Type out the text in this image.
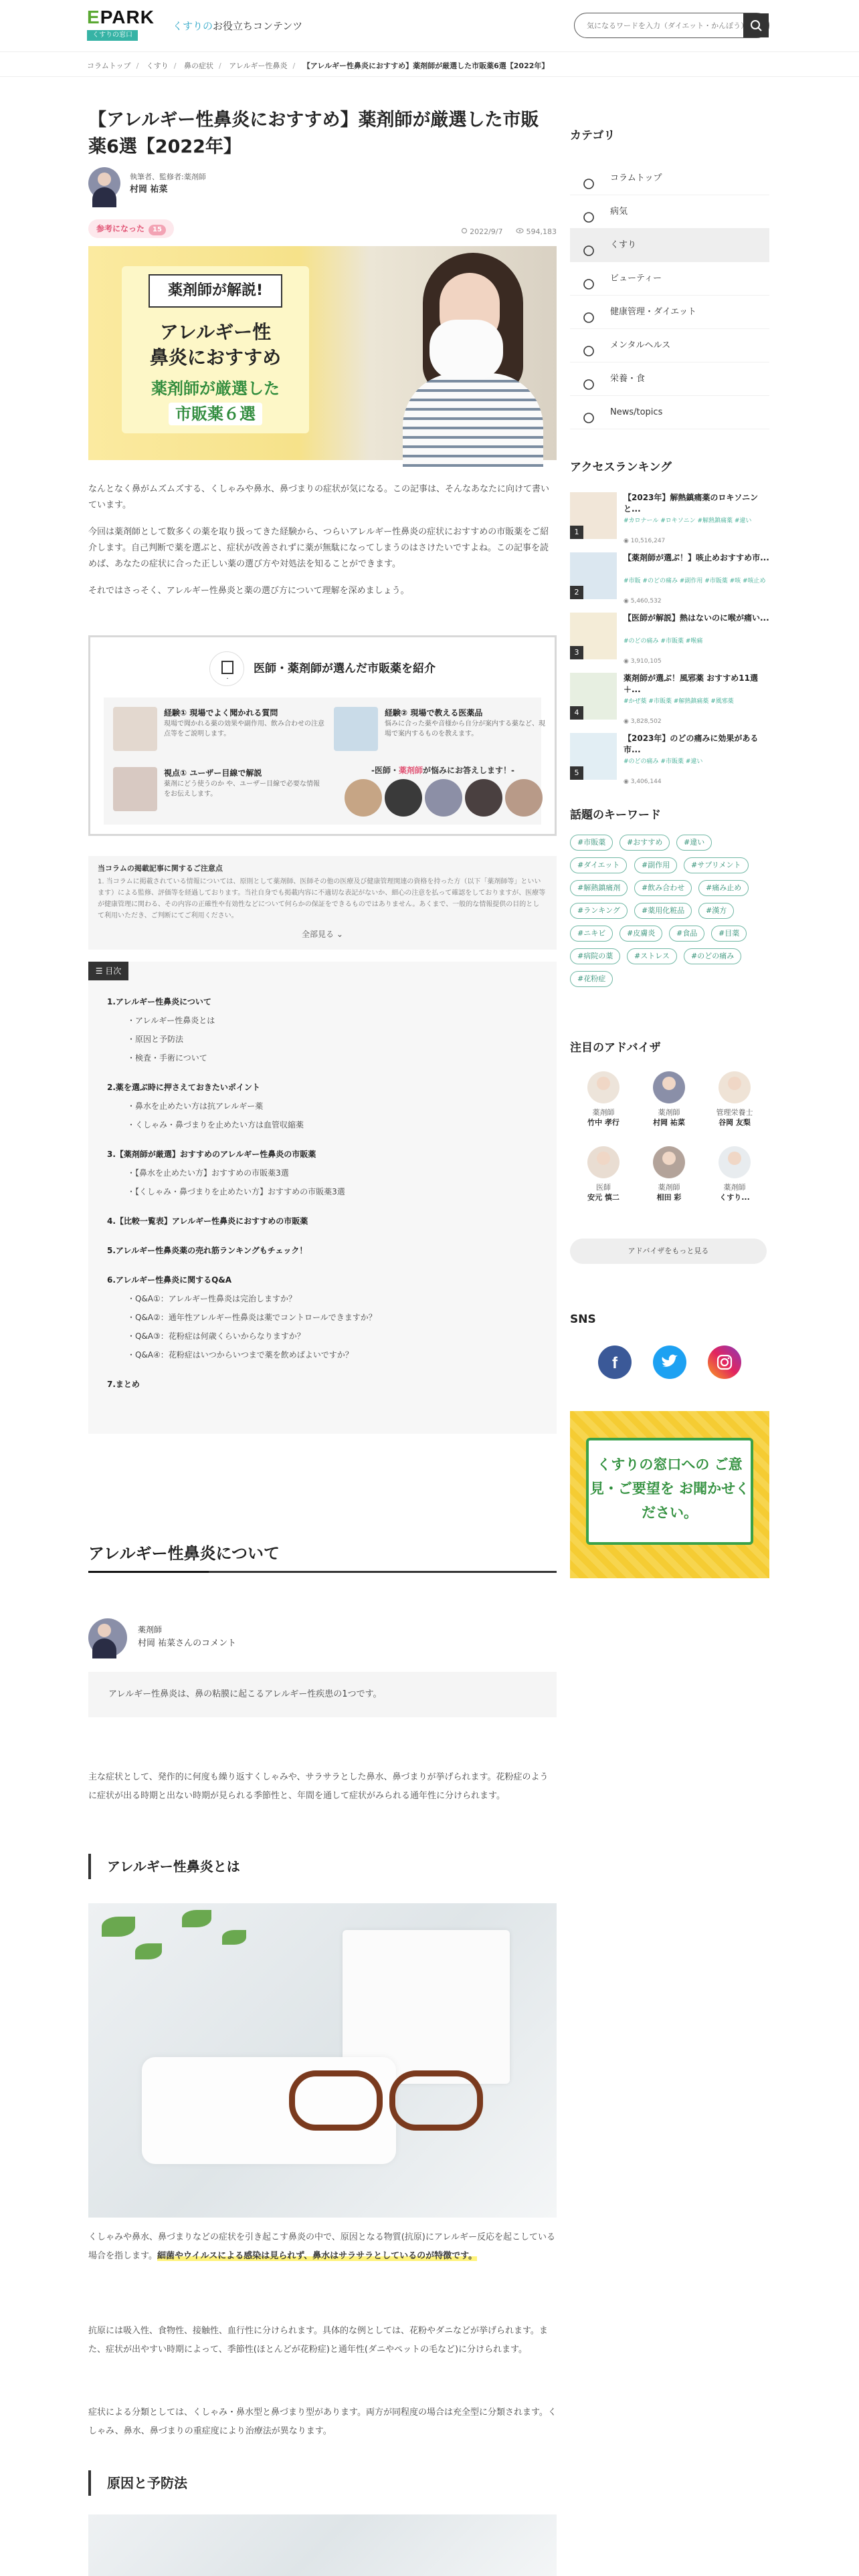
EPARK
くすりの窓口
くすりのお役立ちコンテンツ
気になるワードを入力（ダイエット・かんぽう）
コラムトップ / くすり / 鼻の症状 / アレルギー性鼻炎 / 【アレルギー性鼻炎におすすめ】薬剤師が厳選した市販薬6選【2022年】
【アレルギー性鼻炎におすすめ】薬剤師が厳選した市販薬6選【2022年】
執筆者、監修者:薬剤師
村岡 祐菜
参考になった 15	2022/9/7	594,183
薬剤師が解説!
アレルギー性
鼻炎におすすめ
薬剤師が厳選した
市販薬６選

なんとなく鼻がムズムズする、くしゃみや鼻水、鼻づまりの症状が気になる。この記事は、そんなあなたに向けて書いています。

今回は薬剤師として数多くの薬を取り扱ってきた経験から、つらいアレルギー性鼻炎の症状におすすめの市販薬をご紹介します。自己判断で薬を選ぶと、症状が改善されずに薬が無駄になってしまうのはさけたいですよね。この記事を読めば、あなたの症状に合った正しい薬の選び方や対処法を知ることができます。

それではさっそく、アレルギー性鼻炎と薬の選び方について理解を深めましょう。

・
医師・薬剤師が選んだ市販薬を紹介
経験① 現場でよく聞かれる質問
現場で聞かれる薬の効果や副作用、飲み合わせの注意点等をご説明します。
経験② 現場で教える医薬品
悩みに合った薬や音様から自分が案内する薬など、現場で案内するものを教えます。
視点① ユーザー目線で解説
薬剤にどう使うのか や、ユーザー目線で必要な情報をお伝えします。
-医師・薬剤師が悩みにお答えします！-
当コラムの掲載記事に関するご注意点
1. 当コラムに掲載されている情報については、原則として薬剤師、医師その他の医療及び健康管理関連の資格を持った方（以下「薬剤師等」といいます）による監修、評価等を経過しております。当社自身でも掲載内容に不適切な表記がないか、細心の注意を払って確認をしておりますが、医療等が健康管理に関わる、その内容の正確性や有効性などについて何らかの保証をできるものではありません。あくまで、一般的な情報提供の目的として利用いただき、ご判断にてご利用ください。
全部見る ⌄
☰ 目次
1.アレルギー性鼻炎について
・アレルギー性鼻炎とは
・原因と予防法
・検査・手術について
2.薬を選ぶ時に押さえておきたいポイント
・鼻水を止めたい方は抗アレルギー薬
・くしゃみ・鼻づまりを止めたい方は血管収縮薬
3.【薬剤師が厳選】おすすめのアレルギー性鼻炎の市販薬
・【鼻水を止めたい方】おすすめの市販薬3選
・【くしゃみ・鼻づまりを止めたい方】おすすめの市販薬3選
4.【比較一覧表】アレルギー性鼻炎におすすめの市販薬
5.アレルギー性鼻炎薬の売れ筋ランキングもチェック！
6.アレルギー性鼻炎に関するQ&A
・Q&A①：アレルギー性鼻炎は完治しますか？
・Q&A②：通年性アレルギー性鼻炎は薬でコントロールできますか？
・Q&A③：花粉症は何歳くらいからなりますか？
・Q&A④：花粉症はいつからいつまで薬を飲めばよいですか？
7.まとめ
アレルギー性鼻炎について
薬剤師
村岡 祐菜さんのコメント
アレルギー性鼻炎は、鼻の粘膜に起こるアレルギー性疾患の1つです。
主な症状として、発作的に何度も繰り返すくしゃみや、サラサラとした鼻水、鼻づまりが挙げられます。花粉症のように症状が出る時期と出ない時期が見られる季節性と、年間を通して症状がみられる通年性に分けられます。
アレルギー性鼻炎とは
くしゃみや鼻水、鼻づまりなどの症状を引き起こす鼻炎の中で、原因となる物質(抗原)にアレルギー反応を起こしている場合を指します。細菌やウイルスによる感染は見られず、鼻水はサラサラとしているのが特徴です。
抗原には吸入性、食物性、接触性、血行性に分けられます。具体的な例としては、花粉やダニなどが挙げられます。また、症状が出やすい時期によって、季節性(ほとんどが花粉症)と通年性(ダニやペットの毛など)に分けられます。
症状による分類としては、くしゃみ・鼻水型と鼻づまり型があります。両方が同程度の場合は充全型に分類されます。くしゃみ、鼻水、鼻づまりの重症度により治療法が異なります。
原因と予防法
カテゴリ
コラムトップ
病気
くすり
ビューティー
健康管理・ダイエット
メンタルヘルス
栄養・食
News/topics
アクセスランキング
1
【2023年】解熱鎮痛薬のロキソニンと...
#カロナール #ロキソニン #解熱鎮痛薬 #違い
◉ 10,516,247
2
【薬剤師が選ぶ！】咳止めおすすめ市...
#市販 #のどの痛み #副作用 #市販薬 #咳 #咳止め
◉ 5,460,532
3
【医師が解説】熱はないのに喉が痛い...
#のどの痛み #市販薬 #喉痛
◉ 3,910,105
4
薬剤師が選ぶ！風邪薬 おすすめ11選＋...
#かぜ薬 #市販薬 #解熱鎮痛薬 #風邪薬
◉ 3,828,502
5
【2023年】のどの痛みに効果がある市...
#のどの痛み #市販薬 #違い
◉ 3,406,144
話題のキーワード
#市販薬	#おすすめ	#違い
#ダイエット	#副作用	#サプリメント
#解熱鎮痛剤	#飲み合わせ	#痛み止め
#ランキング	#薬用化粧品	#漢方
#ニキビ	#皮膚炎	#食品	#目薬
#病院の薬	#ストレス	#のどの痛み
#花粉症
注目のアドバイザ
薬剤師
竹中 孝行
薬剤師
村岡 祐菜
管理栄養士
谷岡 友梨
医師
安元 慎二
薬剤師
相田 彩
薬剤師
くすり...
アドバイザをもっと見る
SNS
f
くすりの窓口への ご意見・ご要望を お聞かせください。
